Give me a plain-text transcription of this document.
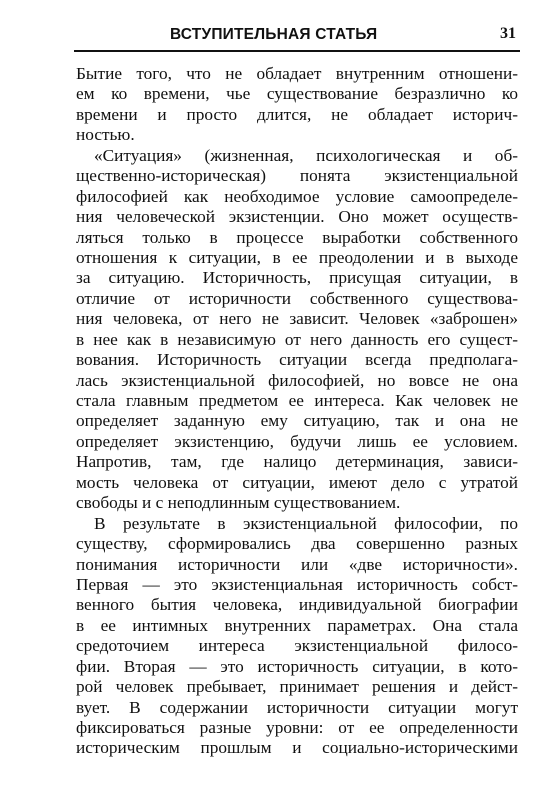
ВСТУПИТЕЛЬНАЯ СТАТЬЯ	31
Бытие того, что не обладает внутренним отношени-
ем ко времени, чье существование безразлично ко
времени и просто длится, не обладает историч-
ностью.
«Ситуация» (жизненная, психологическая и об-
щественно-историческая) понята экзистенциальной
философией как необходимое условие самоопределе-
ния человеческой экзистенции. Оно может осуществ-
ляться только в процессе выработки собственного
отношения к ситуации, в ее преодолении и в выходе
за ситуацию. Историчность, присущая ситуации, в
отличие от историчности собственного существова-
ния человека, от него не зависит. Человек «заброшен»
в нее как в независимую от него данность его сущест-
вования. Историчность ситуации всегда предполага-
лась экзистенциальной философией, но вовсе не она
стала главным предметом ее интереса. Как человек не
определяет заданную ему ситуацию, так и она не
определяет экзистенцию, будучи лишь ее условием.
Напротив, там, где налицо детерминация, зависи-
мость человека от ситуации, имеют дело с утратой
свободы и с неподлинным существованием.
В результате в экзистенциальной философии, по
существу, сформировались два совершенно разных
понимания историчности или «две историчности».
Первая — это экзистенциальная историчность собст-
венного бытия человека, индивидуальной биографии
в ее интимных внутренних параметрах. Она стала
средоточием интереса экзистенциальной филосо-
фии. Вторая — это историчность ситуации, в кото-
рой человек пребывает, принимает решения и дейст-
вует. В содержании историчности ситуации могут
фиксироваться разные уровни: от ее определенности
историческим прошлым и социально-историческими
